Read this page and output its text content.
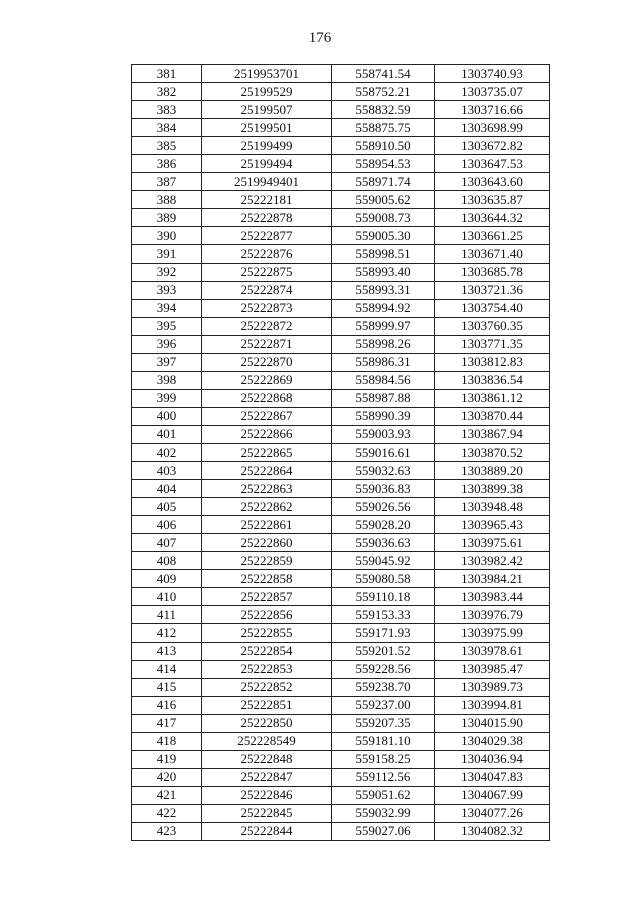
176
381	2519953701	558741.54	1303740.93
382	25199529	558752.21	1303735.07
383	25199507	558832.59	1303716.66
384	25199501	558875.75	1303698.99
385	25199499	558910.50	1303672.82
386	25199494	558954.53	1303647.53
387	2519949401	558971.74	1303643.60
388	25222181	559005.62	1303635.87
389	25222878	559008.73	1303644.32
390	25222877	559005.30	1303661.25
391	25222876	558998.51	1303671.40
392	25222875	558993.40	1303685.78
393	25222874	558993.31	1303721.36
394	25222873	558994.92	1303754.40
395	25222872	558999.97	1303760.35
396	25222871	558998.26	1303771.35
397	25222870	558986.31	1303812.83
398	25222869	558984.56	1303836.54
399	25222868	558987.88	1303861.12
400	25222867	558990.39	1303870.44
401	25222866	559003.93	1303867.94
402	25222865	559016.61	1303870.52
403	25222864	559032.63	1303889.20
404	25222863	559036.83	1303899.38
405	25222862	559026.56	1303948.48
406	25222861	559028.20	1303965.43
407	25222860	559036.63	1303975.61
408	25222859	559045.92	1303982.42
409	25222858	559080.58	1303984.21
410	25222857	559110.18	1303983.44
411	25222856	559153.33	1303976.79
412	25222855	559171.93	1303975.99
413	25222854	559201.52	1303978.61
414	25222853	559228.56	1303985.47
415	25222852	559238.70	1303989.73
416	25222851	559237.00	1303994.81
417	25222850	559207.35	1304015.90
418	252228549	559181.10	1304029.38
419	25222848	559158.25	1304036.94
420	25222847	559112.56	1304047.83
421	25222846	559051.62	1304067.99
422	25222845	559032.99	1304077.26
423	25222844	559027.06	1304082.32
